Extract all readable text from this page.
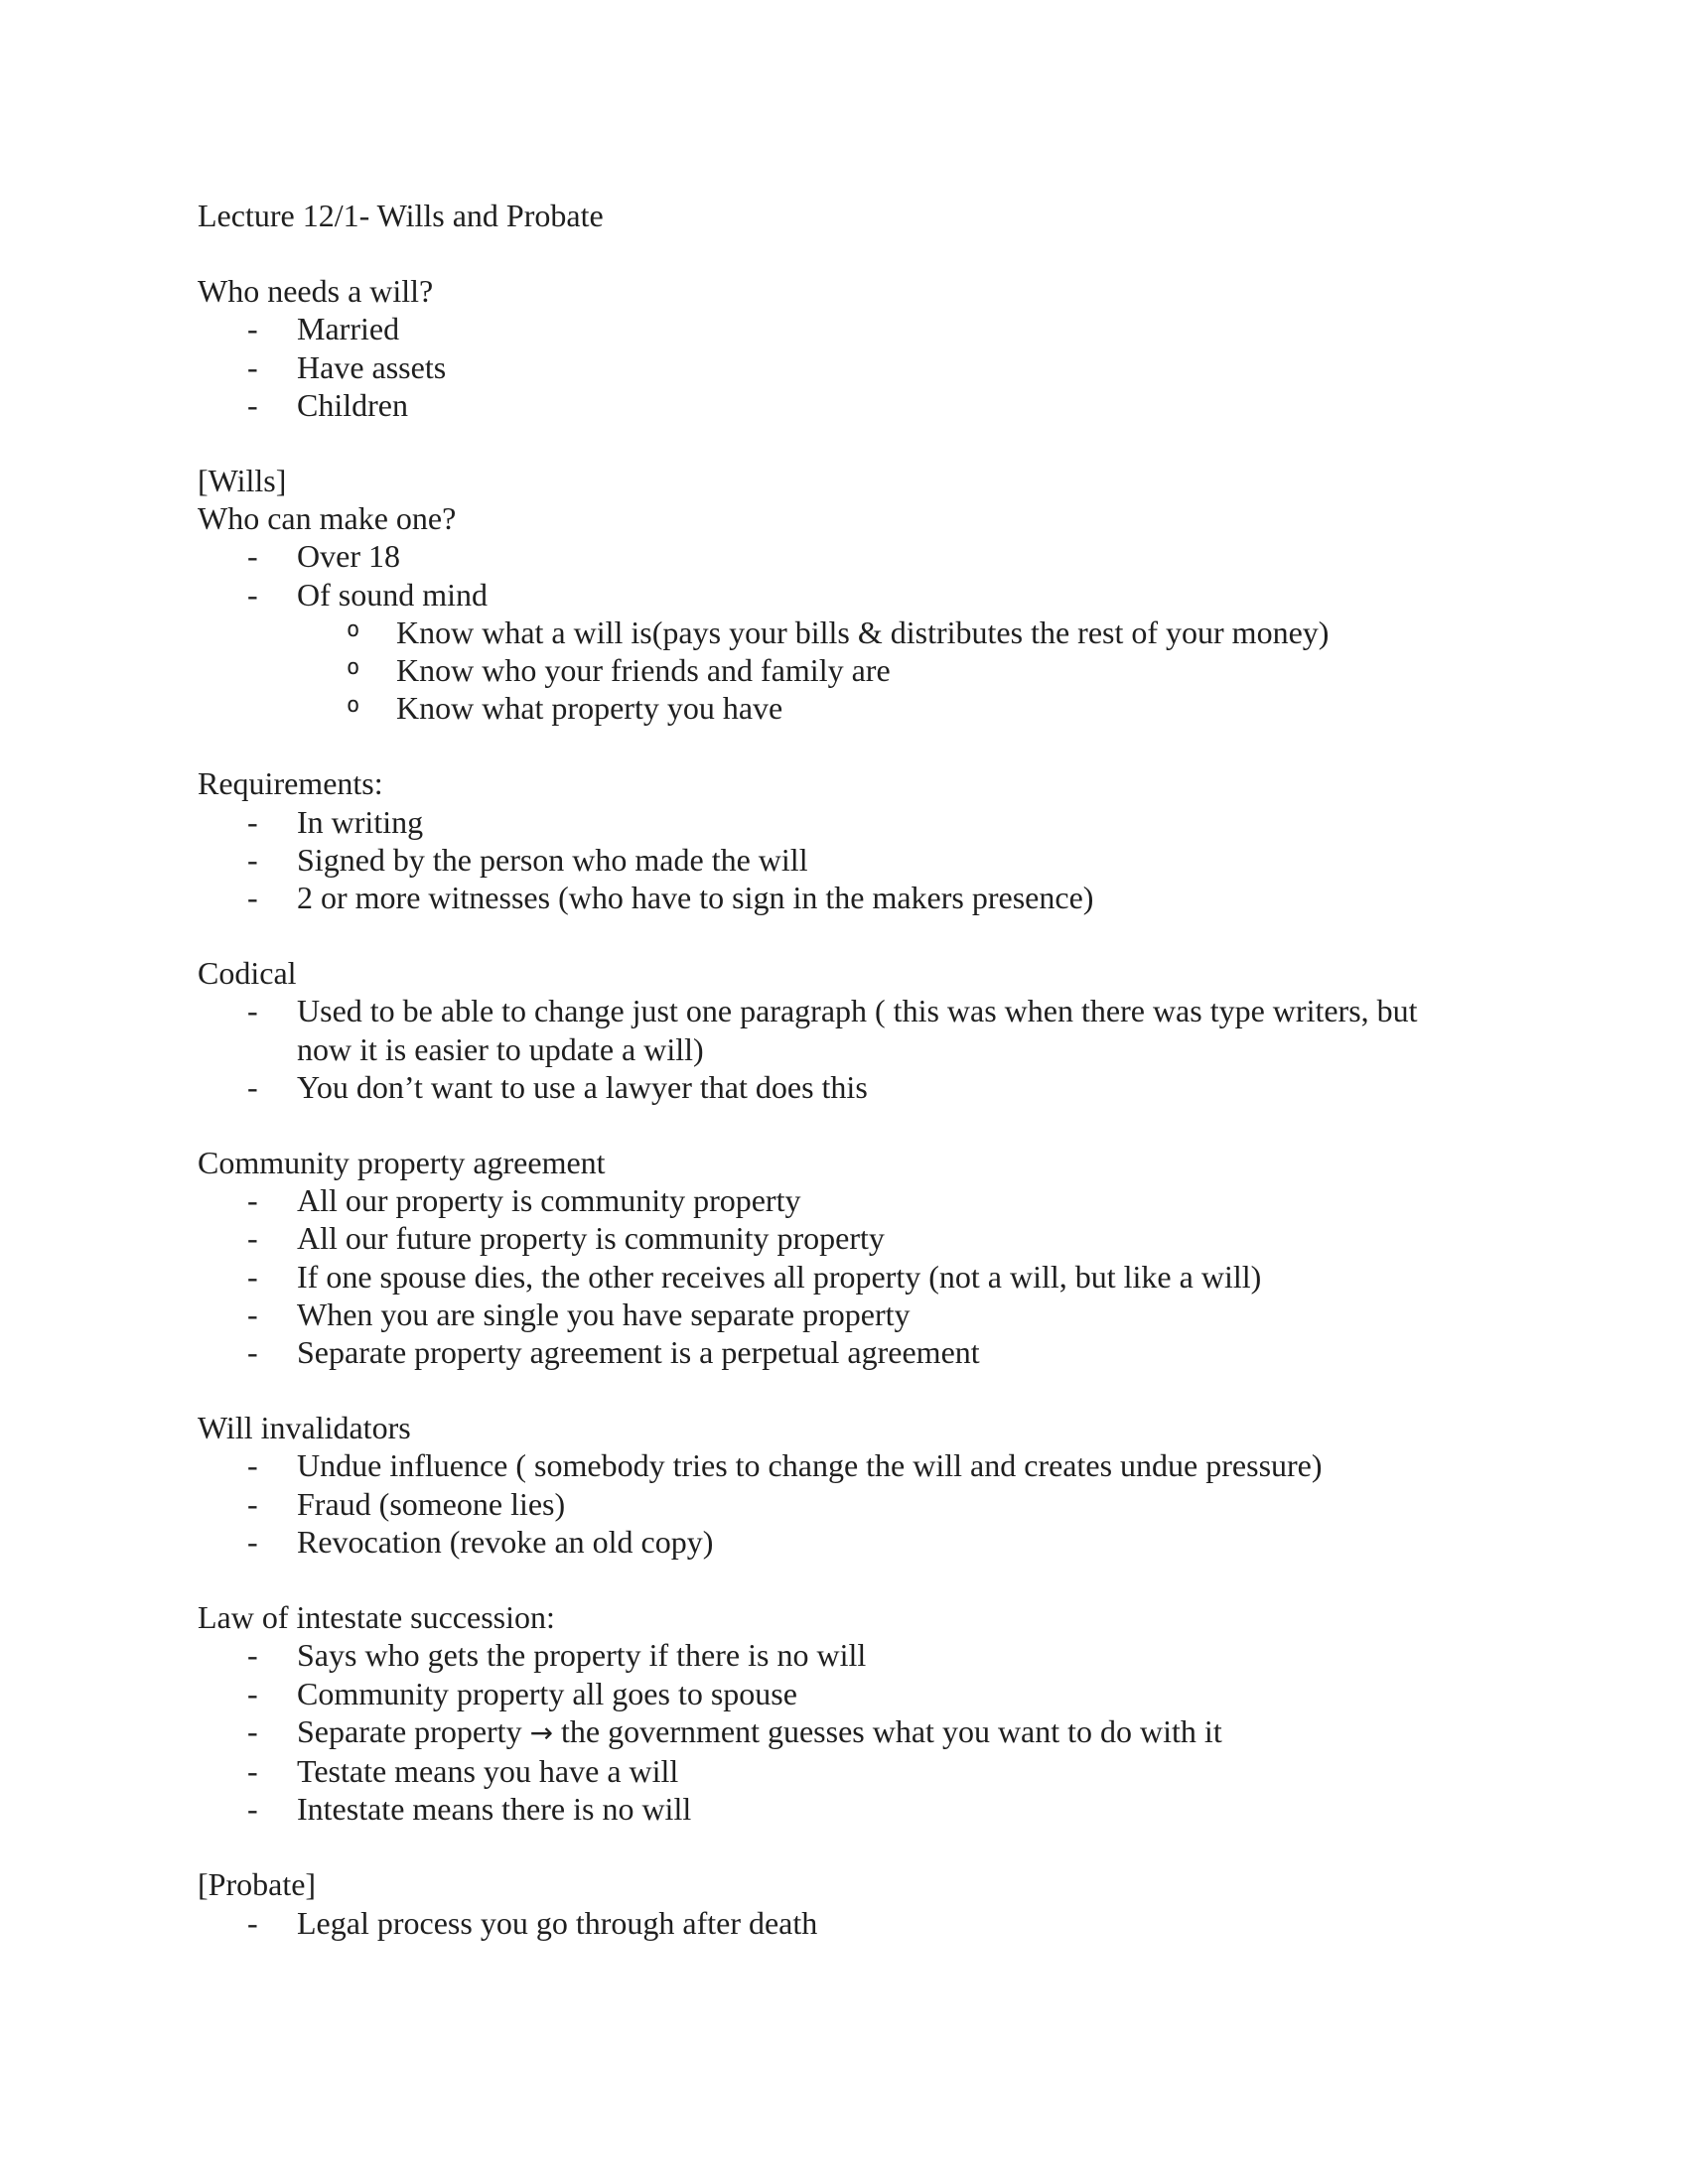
Lecture 12/1- Wills and Probate
Who needs a will?
- Married
- Have assets
- Children
[Wills]
Who can make one?
- Over 18
- Of sound mind
o Know what a will is(pays your bills & distributes the rest of your money)
o Know who your friends and family are
o Know what property you have
Requirements:
- In writing
- Signed by the person who made the will
- 2 or more witnesses (who have to sign in the makers presence)
Codical
- Used to be able to change just one paragraph ( this was when there was type writers, but now it is easier to update a will)
- You don’t want to use a lawyer that does this
Community property agreement
- All our property is community property
- All our future property is community property
- If one spouse dies, the other receives all property (not a will, but like a will)
- When you are single you have separate property
- Separate property agreement is a perpetual agreement
Will invalidators
- Undue influence ( somebody tries to change the will and creates undue pressure)
- Fraud (someone lies)
- Revocation (revoke an old copy)
Law of intestate succession:
- Says who gets the property if there is no will
- Community property all goes to spouse
- Separate property → the government guesses what you want to do with it
- Testate means you have a will
- Intestate means there is no will
[Probate]
- Legal process you go through after death
